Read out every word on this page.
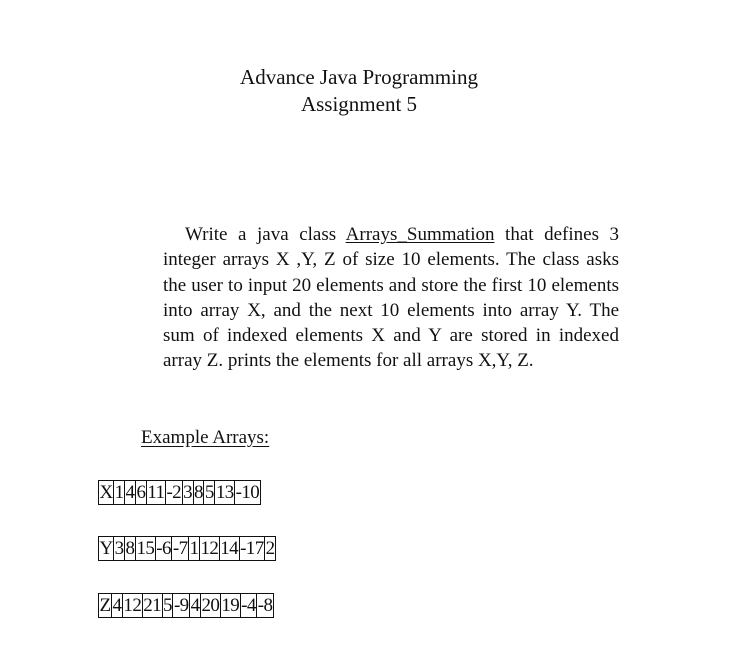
Advance Java Programming
Assignment 5
Write a java class Arrays_Summation that defines 3 integer arrays X ,Y, Z of size 10 elements. The class asks the user to input 20 elements and store the first 10 elements into array X, and the next 10 elements into array Y. The sum of indexed elements X and Y are stored in indexed array Z. prints the elements for all arrays X,Y, Z.
Example Arrays:
X	1	4	6	11	-2	3	8	5	13	-10
Y	3	8	15	-6	-7	1	12	14	-17	2
Z	4	12	21	5	-9	4	20	19	-4	-8
